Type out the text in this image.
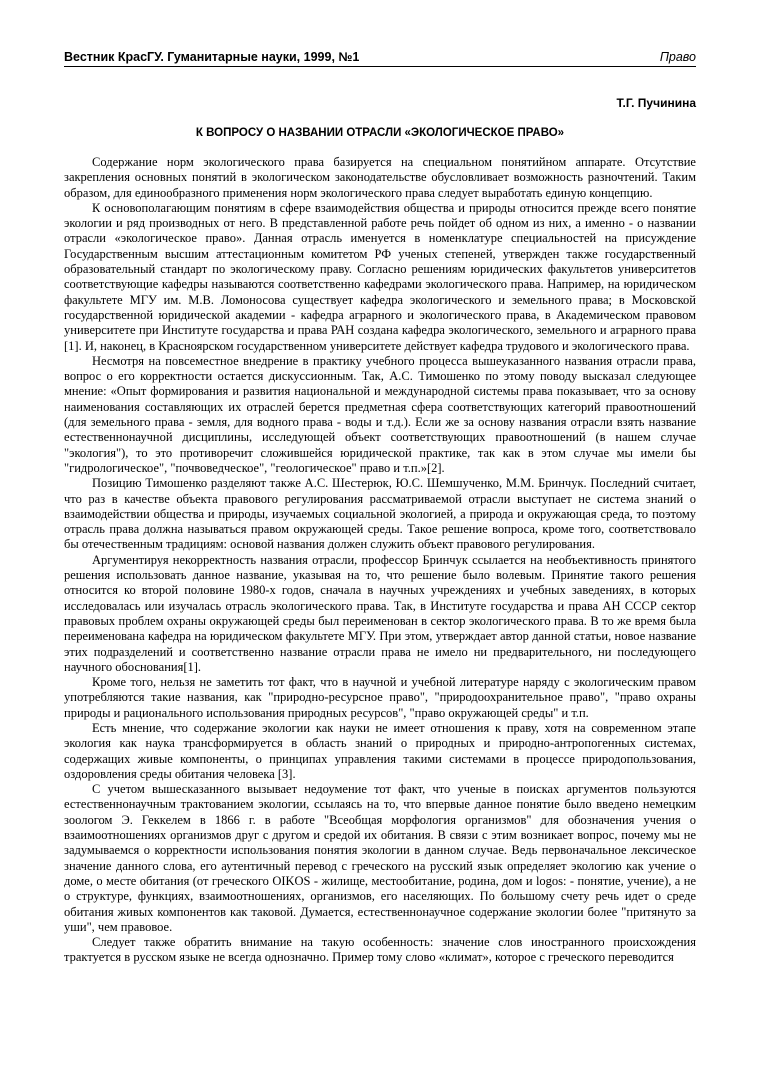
Вестник КрасГУ. Гуманитарные науки, 1999, №1	Право
Т.Г. Пучинина
К ВОПРОСУ О НАЗВАНИИ ОТРАСЛИ «ЭКОЛОГИЧЕСКОЕ ПРАВО»

Содержание норм экологического права базируется на специальном понятийном аппарате. Отсутствие закрепления основных понятий в экологическом законодательстве обусловливает возможность разночтений. Таким образом, для единообразного применения норм экологического права следует выработать единую концепцию.

К основополагающим понятиям в сфере взаимодействия общества и природы относится прежде всего понятие экологии и ряд производных от него. В представленной работе речь пойдет об одном из них, а именно - о названии отрасли «экологическое право». Данная отрасль именуется в номенклатуре специальностей на присуждение Государственным высшим аттестационным комитетом РФ ученых степеней, утвержден также государственный образовательный стандарт по экологическому праву. Согласно решениям юридических факультетов университетов соответствующие кафедры называются соответственно кафедрами экологического права. Например, на юридическом факультете МГУ им. М.В. Ломоносова существует кафедра экологического и земельного права; в Московской государственной юридической академии - кафедра аграрного и экологического права, в Академическом правовом университете при Институте государства и права РАН создана кафедра экологического, земельного и аграрного права [1]. И, наконец, в Красноярском государственном университете действует кафедра трудового и экологического права.

Несмотря на повсеместное внедрение в практику учебного процесса вышеуказанного названия отрасли права, вопрос о его корректности остается дискуссионным. Так, А.С. Тимошенко по этому поводу высказал следующее мнение: «Опыт формирования и развития национальной и международной системы права показывает, что за основу наименования составляющих их отраслей берется предметная сфера соответствующих категорий правоотношений (для земельного права - земля, для водного права - воды и т.д.). Если же за основу названия отрасли взять название естественнонаучной дисциплины, исследующей объект соответствующих правоотношений (в нашем случае "экология"), то это противоречит сложившейся юридической практике, так как в этом случае мы имели бы "гидрологическое", "почвоведческое", "геологическое" право и т.п.»[2].

Позицию Тимошенко разделяют также А.С. Шестерюк, Ю.С. Шемшученко, М.М. Бринчук. Последний считает, что раз в качестве объекта правового регулирования рассматриваемой отрасли выступает не система знаний о взаимодействии общества и природы, изучаемых социальной экологией, а природа и окружающая среда, то поэтому отрасль права должна называться правом окружающей среды. Такое решение вопроса, кроме того, соответствовало бы отечественным традициям: основой названия должен служить объект правового регулирования.

Аргументируя некорректность названия отрасли, профессор Бринчук ссылается на необъективность принятого решения использовать данное название, указывая на то, что решение было волевым. Принятие такого решения относится ко второй половине 1980-х годов, сначала в научных учреждениях и учебных заведениях, в которых исследовалась или изучалась отрасль экологического права. Так, в Институте государства и права АН СССР сектор правовых проблем охраны окружающей среды был переименован в сектор экологического права. В то же время была переименована кафедра на юридическом факультете МГУ. При этом, утверждает автор данной статьи, новое название этих подразделений и соответственно название отрасли права не имело ни предварительного, ни последующего научного обоснования[1].

Кроме того, нельзя не заметить тот факт, что в научной и учебной литературе наряду с экологическим правом употребляются такие названия, как "природно-ресурсное право", "природоохранительное право", "право охраны природы и рационального использования природных ресурсов", "право окружающей среды" и т.п.

Есть мнение, что содержание экологии как науки не имеет отношения к праву, хотя на современном этапе экология как наука трансформируется в область знаний о природных и природно-антропогенных системах, содержащих живые компоненты, о принципах управления такими системами в процессе природопользования, оздоровления среды обитания человека [3].

С учетом вышесказанного вызывает недоумение тот факт, что ученые в поисках аргументов пользуются естественнонаучным трактованием экологии, ссылаясь на то, что впервые данное понятие было введено немецким зоологом Э. Геккелем в 1866 г. в работе "Всеобщая морфология организмов" для обозначения учения о взаимоотношениях организмов друг с другом и средой их обитания. В связи с этим возникает вопрос, почему мы не задумываемся о корректности использования понятия экологии в данном случае. Ведь первоначальное лексическое значение данного слова, его аутентичный перевод с греческого на русский язык определяет экологию как учение о доме, о месте обитания (от греческого OIKOS - жилище, местообитание, родина, дом и logos: - понятие, учение), а не о структуре, функциях, взаимоотношениях, организмов, его населяющих. По большому счету речь идет о среде обитания живых компонентов как таковой. Думается, естественнонаучное содержание экологии более "притянуто за уши", чем правовое.

Следует также обратить внимание на такую особенность: значение слов иностранного происхождения трактуется в русском языке не всегда однозначно. Пример тому слово «климат», которое с греческого переводится
